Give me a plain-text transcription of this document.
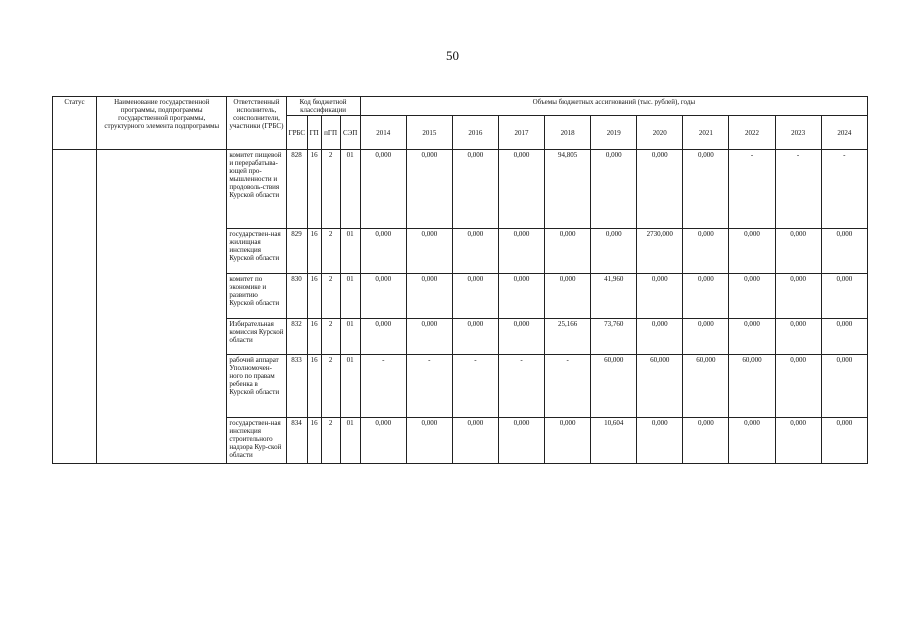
50
Статус	Наименование государственной программы, подпрограммы государственной программы, структурного элемента подпрограммы	Ответственный исполнитель, соисполнители, участники (ГРБС)	Код бюджетной классификации				Объемы бюджетных ассигнований (тыс. рублей), годы										
			ГРБС	ГП	пГП	СЭП	2014	2015	2016	2017	2018	2019	2020	2021	2022	2023	2024
		комитет пищевой и перерабатыва-ющей про-мышленности и продоволь-ствия Курской области	828	16	2	01	0,000	0,000	0,000	0,000	94,805	0,000	0,000	0,000	-	-	-
		государствен-ная жилищная инспекция Курской области	829	16	2	01	0,000	0,000	0,000	0,000	0,000	0,000	2730,000	0,000	0,000	0,000	0,000
		комитет по экономике и развитию Курской области	830	16	2	01	0,000	0,000	0,000	0,000	0,000	41,960	0,000	0,000	0,000	0,000	0,000
		Избирательная комиссия Курской области	832	16	2	01	0,000	0,000	0,000	0,000	25,166	73,760	0,000	0,000	0,000	0,000	0,000
		рабочий аппарат Уполномочен-ного по правам ребенка в Курской области	833	16	2	01	-	-	-	-	-	60,000	60,000	60,000	60,000	0,000	0,000
		государствен-ная инспекция строительного надзора Кур-ской области	834	16	2	01	0,000	0,000	0,000	0,000	0,000	10,604	0,000	0,000	0,000	0,000	0,000
